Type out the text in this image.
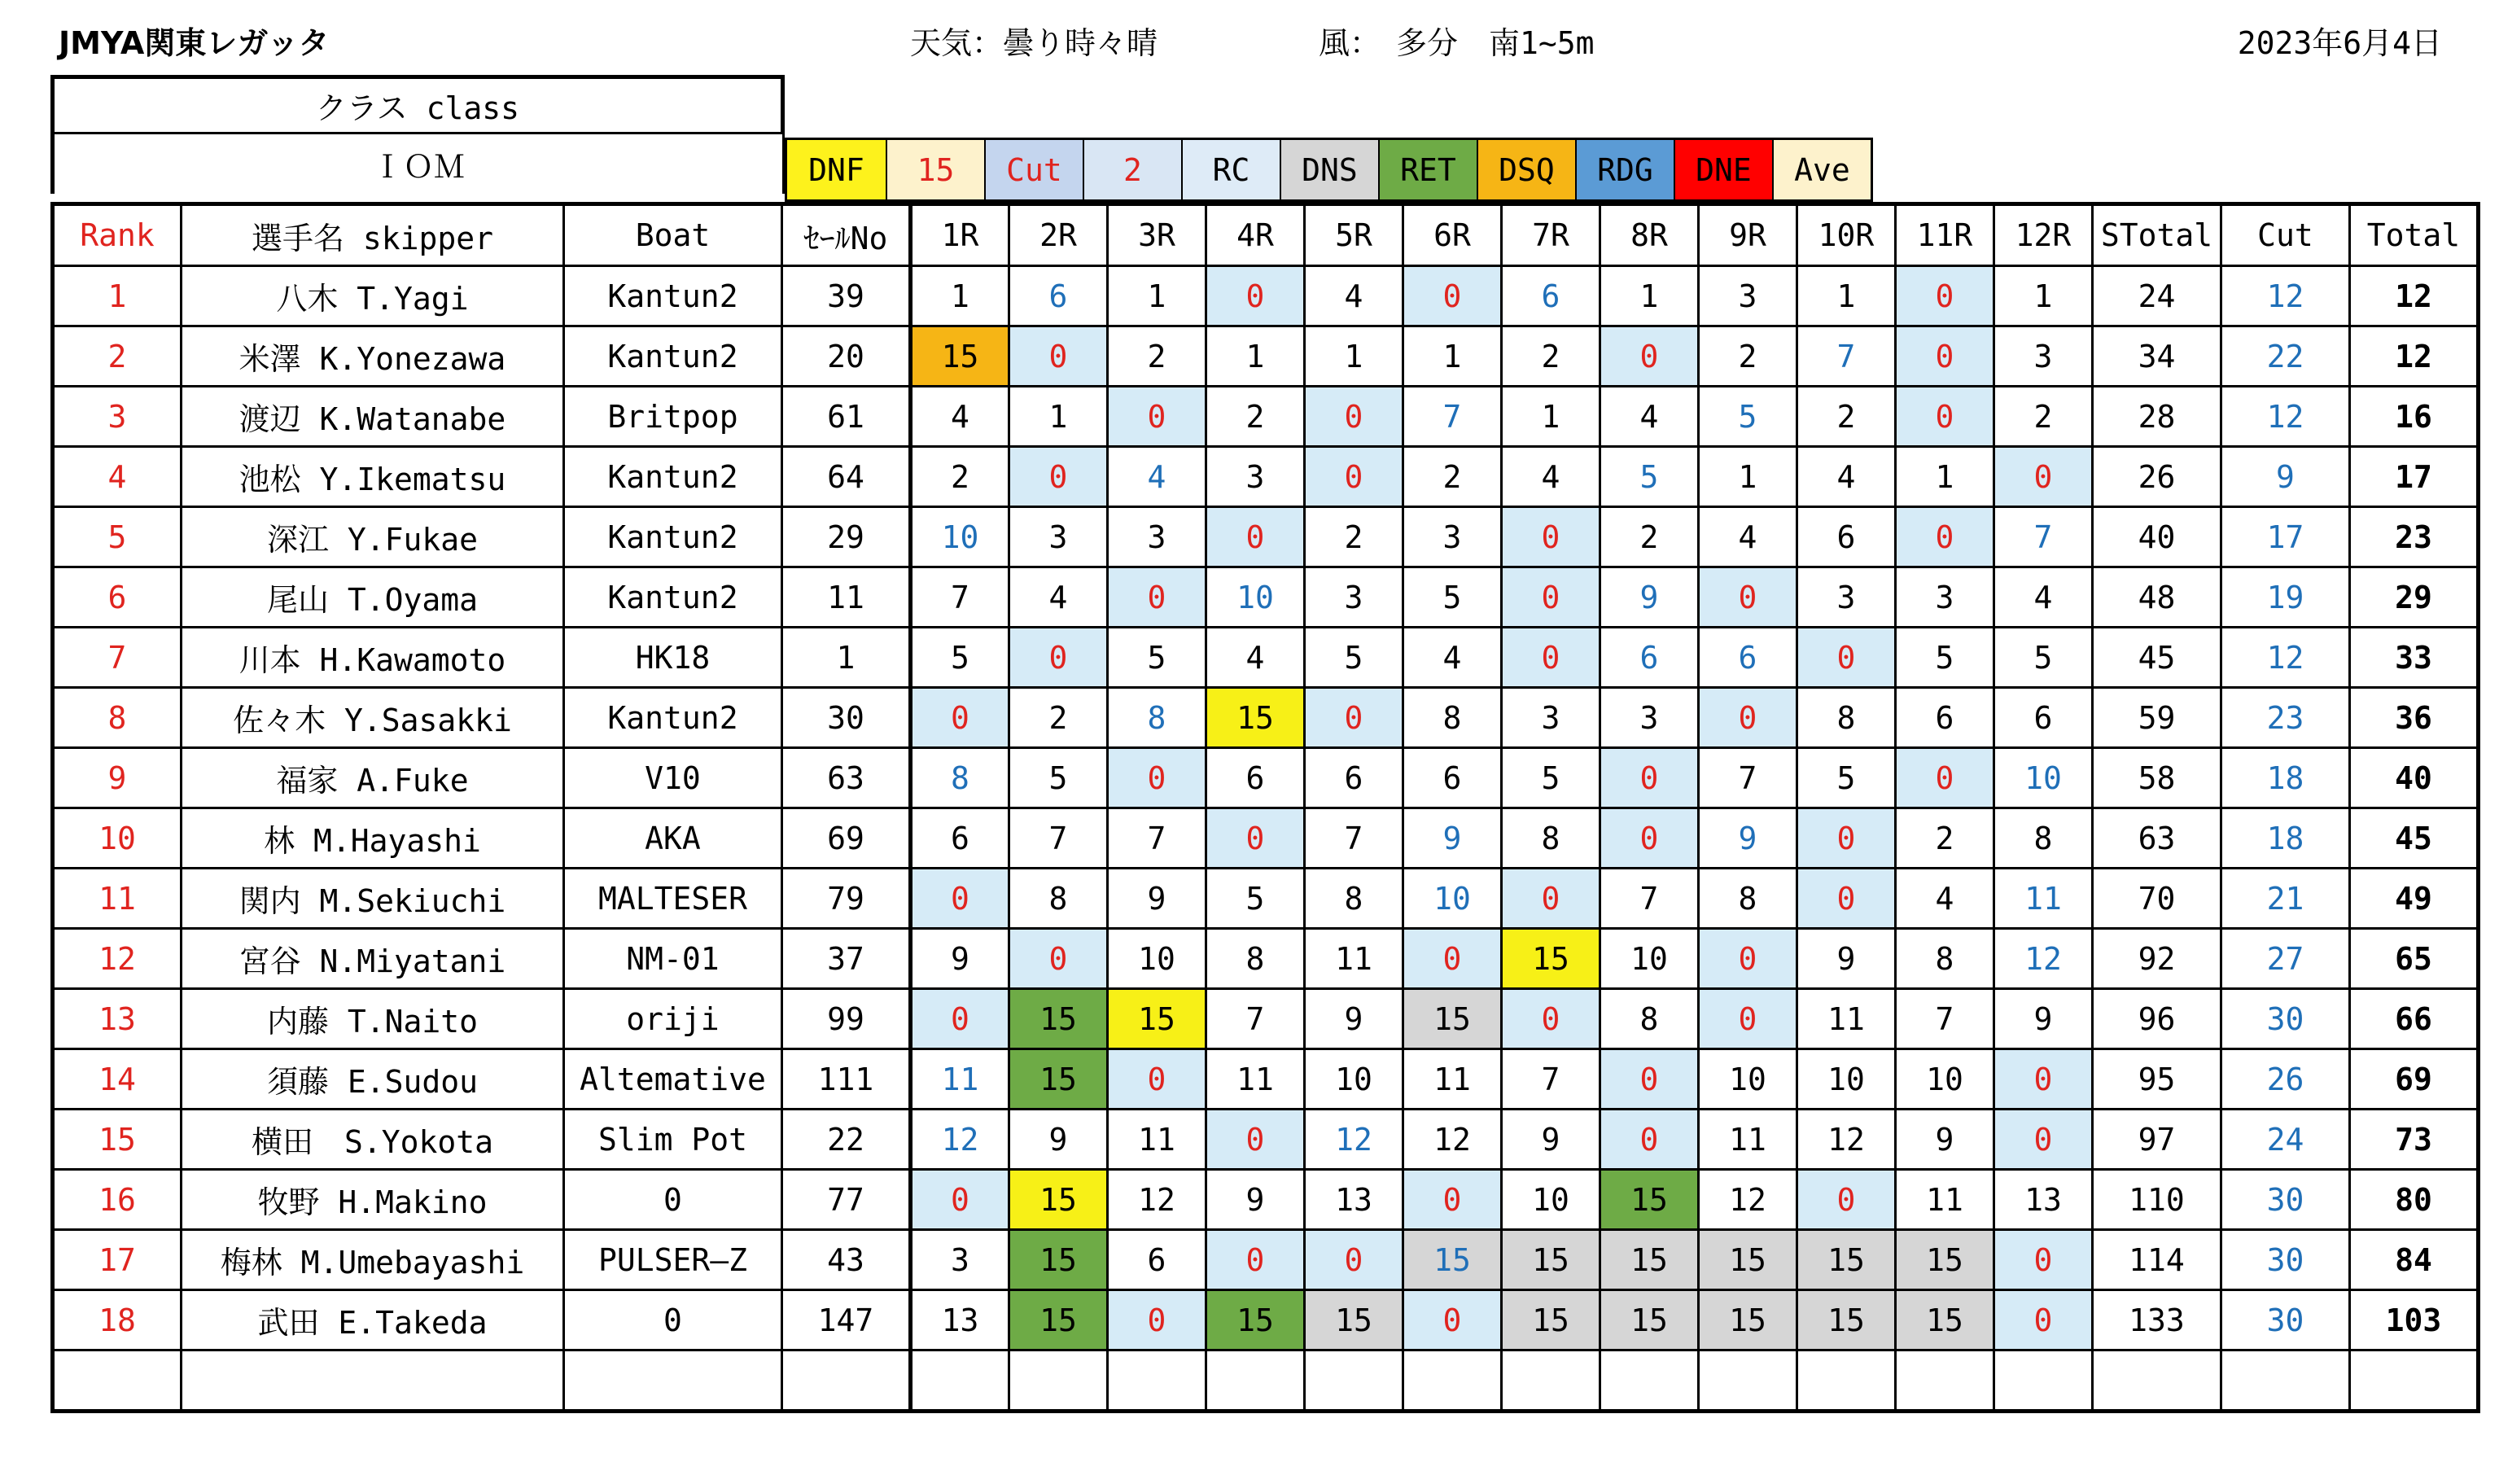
JMYA関東レガッタ	天気：曇り時々晴	風：　多分　南1~5m	2023年6月4日
クラス class
ＩＯＭ	DNF	15	Cut	2	RC	DNS	RET	DSQ	RDG	DNE	Ave
Rank	選手名 skipper	Boat	ｾｰﾙNo	1R	2R	3R	4R	5R	6R	7R	8R	9R	10R	11R	12R	STotal	Cut	Total
1	八木 T.Yagi	Kantun2	39	1	6	1	0	4	0	6	1	3	1	0	1	24	12	12
2	米澤 K.Yonezawa	Kantun2	20	15	0	2	1	1	1	2	0	2	7	0	3	34	22	12
3	渡辺 K.Watanabe	Britpop	61	4	1	0	2	0	7	1	4	5	2	0	2	28	12	16
4	池松 Y.Ikematsu	Kantun2	64	2	0	4	3	0	2	4	5	1	4	1	0	26	9	17
5	深江 Y.Fukae	Kantun2	29	10	3	3	0	2	3	0	2	4	6	0	7	40	17	23
6	尾山 T.Oyama	Kantun2	11	7	4	0	10	3	5	0	9	0	3	3	4	48	19	29
7	川本 H.Kawamoto	HK18	1	5	0	5	4	5	4	0	6	6	0	5	5	45	12	33
8	佐々木 Y.Sasakki	Kantun2	30	0	2	8	15	0	8	3	3	0	8	6	6	59	23	36
9	福家 A.Fuke	V10	63	8	5	0	6	6	6	5	0	7	5	0	10	58	18	40
10	林 M.Hayashi	AKA	69	6	7	7	0	7	9	8	0	9	0	2	8	63	18	45
11	関内 M.Sekiuchi	MALTESER	79	0	8	9	5	8	10	0	7	8	0	4	11	70	21	49
12	宮谷 N.Miyatani	NM-01	37	9	0	10	8	11	0	15	10	0	9	8	12	92	27	65
13	内藤 T.Naito	oriji	99	0	15	15	7	9	15	0	8	0	11	7	9	96	30	66
14	須藤 E.Sudou	Altemative	111	11	15	0	11	10	11	7	0	10	10	10	0	95	26	69
15	横田　S.Yokota	Slim Pot	22	12	9	11	0	12	12	9	0	11	12	9	0	97	24	73
16	牧野 H.Makino	0	77	0	15	12	9	13	0	10	15	12	0	11	13	110	30	80
17	梅林 M.Umebayashi	PULSER―Z	43	3	15	6	0	0	15	15	15	15	15	15	0	114	30	84
18	武田 E.Takeda	0	147	13	15	0	15	15	0	15	15	15	15	15	0	133	30	103
